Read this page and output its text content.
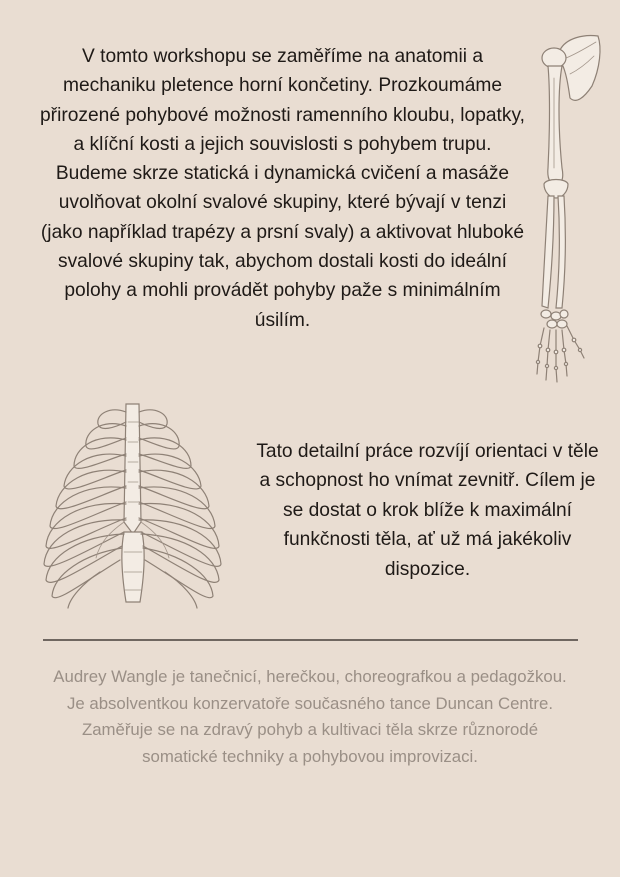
V tomto workshopu se zaměříme na anatomii a mechaniku pletence horní končetiny. Prozkoumáme přirozené pohybové možnosti ramenního kloubu, lopatky, a klíční kosti a jejich souvislosti s pohybem trupu. Budeme skrze statická i dynamická cvičení a masáže uvolňovat okolní svalové skupiny, které bývají v tenzi (jako například trapézy a prsní svaly) a aktivovat hluboké svalové skupiny tak, abychom dostali kosti do ideální polohy a mohli provádět pohyby paže s minimálním úsilím.

Tato detailní práce rozvíjí orientaci v těle a schopnost ho vnímat zevnitř. Cílem je se dostat o krok blíže k maximální funkčnosti těla, ať už má jakékoliv dispozice.

Audrey Wangle je tanečnicí, herečkou, choreografkou a pedagožkou. Je absolventkou konzervatoře současného tance Duncan Centre. Zaměřuje se na zdravý pohyb a kultivaci těla skrze různorodé somatické techniky a pohybovou improvizaci.
